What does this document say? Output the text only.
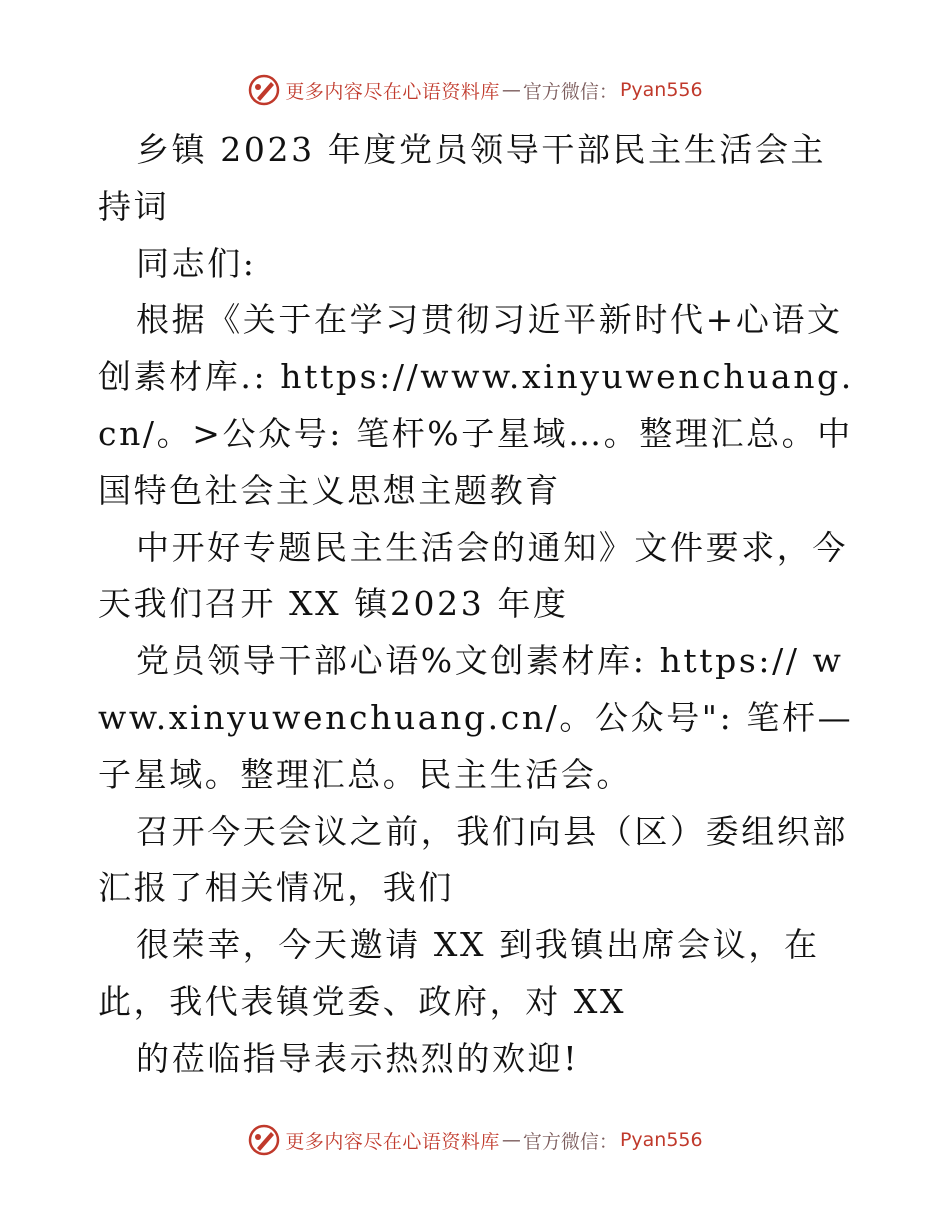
更多内容尽在心语资料库 — 官方微信： Pyan556

乡镇 2023 年度党员领导干部民主生活会主持词

同志们:

根据《关于在学习贯彻习近平新时代+心语文创素材库.: https://www.xinyuwenchuang.cn/。>公众号: 笔杆%子星域…。整理汇总。中国特色社会主义思想主题教育

中开好专题民主生活会的通知》文件要求，今天我们召开 XX 镇2023 年度

党员领导干部心语%文创素材库: https:// www.xinyuwenchuang.cn/。公众号": 笔杆—子星域。整理汇总。民主生活会。

召开今天会议之前，我们向县（区）委组织部汇报了相关情况，我们

很荣幸，今天邀请 XX 到我镇出席会议，在此，我代表镇党委、政府，对 XX

的莅临指导表示热烈的欢迎!

更多内容尽在心语资料库 — 官方微信： Pyan556
